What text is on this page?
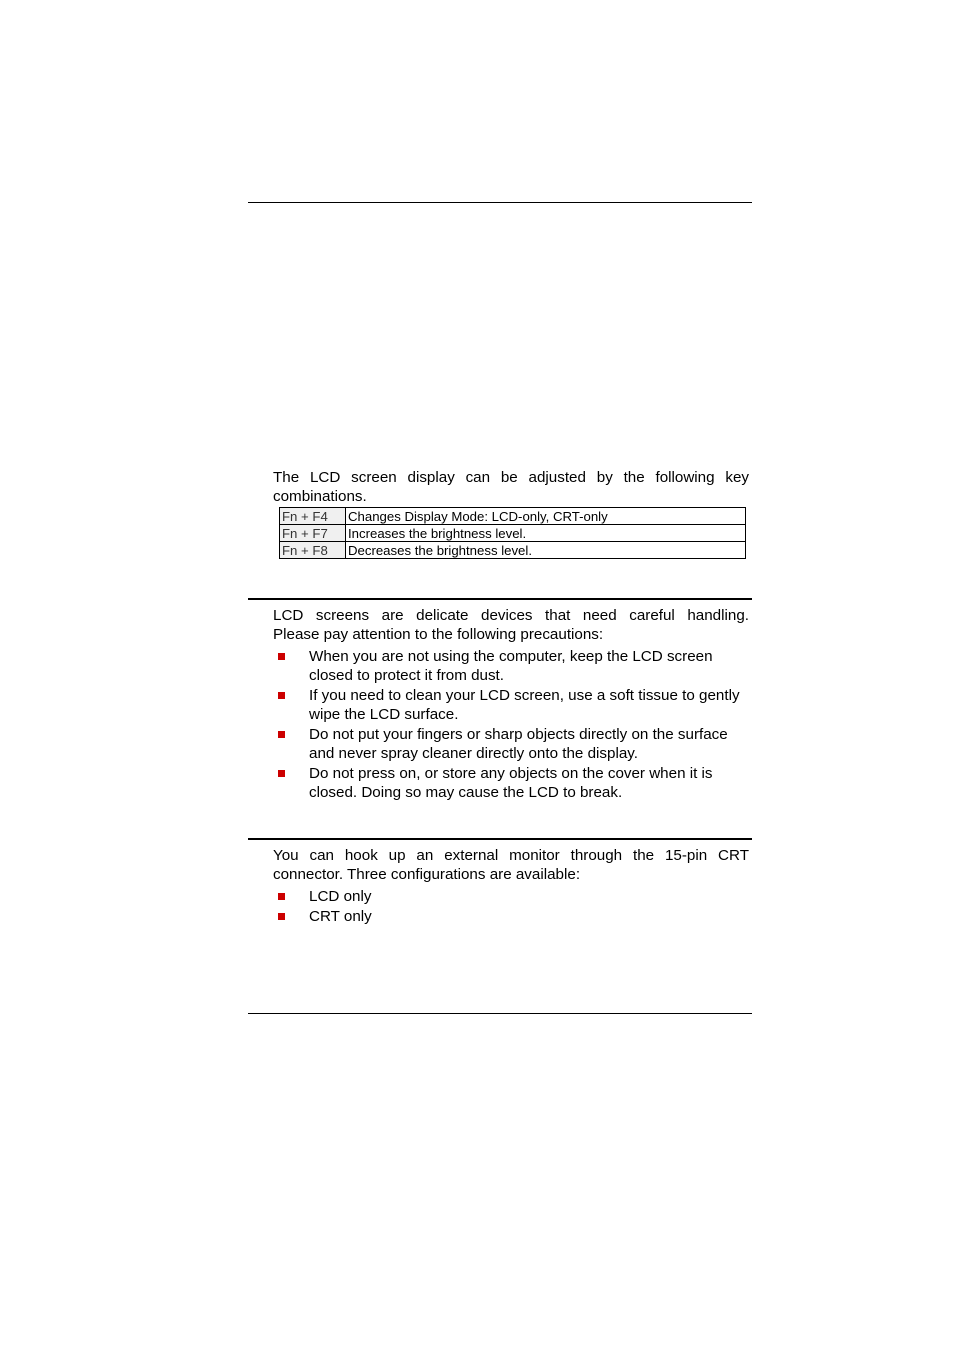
The LCD screen display can be adjusted by the following key
combinations.

Fn + F4	Changes Display Mode: LCD-only, CRT-only
Fn + F7	Increases the brightness level.
Fn + F8	Decreases the brightness level.

LCD screens are delicate devices that need careful handling.
Please pay attention to the following precautions:

When you are not using the computer, keep the LCD screen closed to protect it from dust.
If you need to clean your LCD screen, use a soft tissue to gently wipe the LCD surface.
Do not put your fingers or sharp objects directly on the surface and never spray cleaner directly onto the display.
Do not press on, or store any objects on the cover when it is closed. Doing so may cause the LCD to break.

You can hook up an external monitor through the 15-pin CRT
connector. Three configurations are available:

LCD only
CRT only
